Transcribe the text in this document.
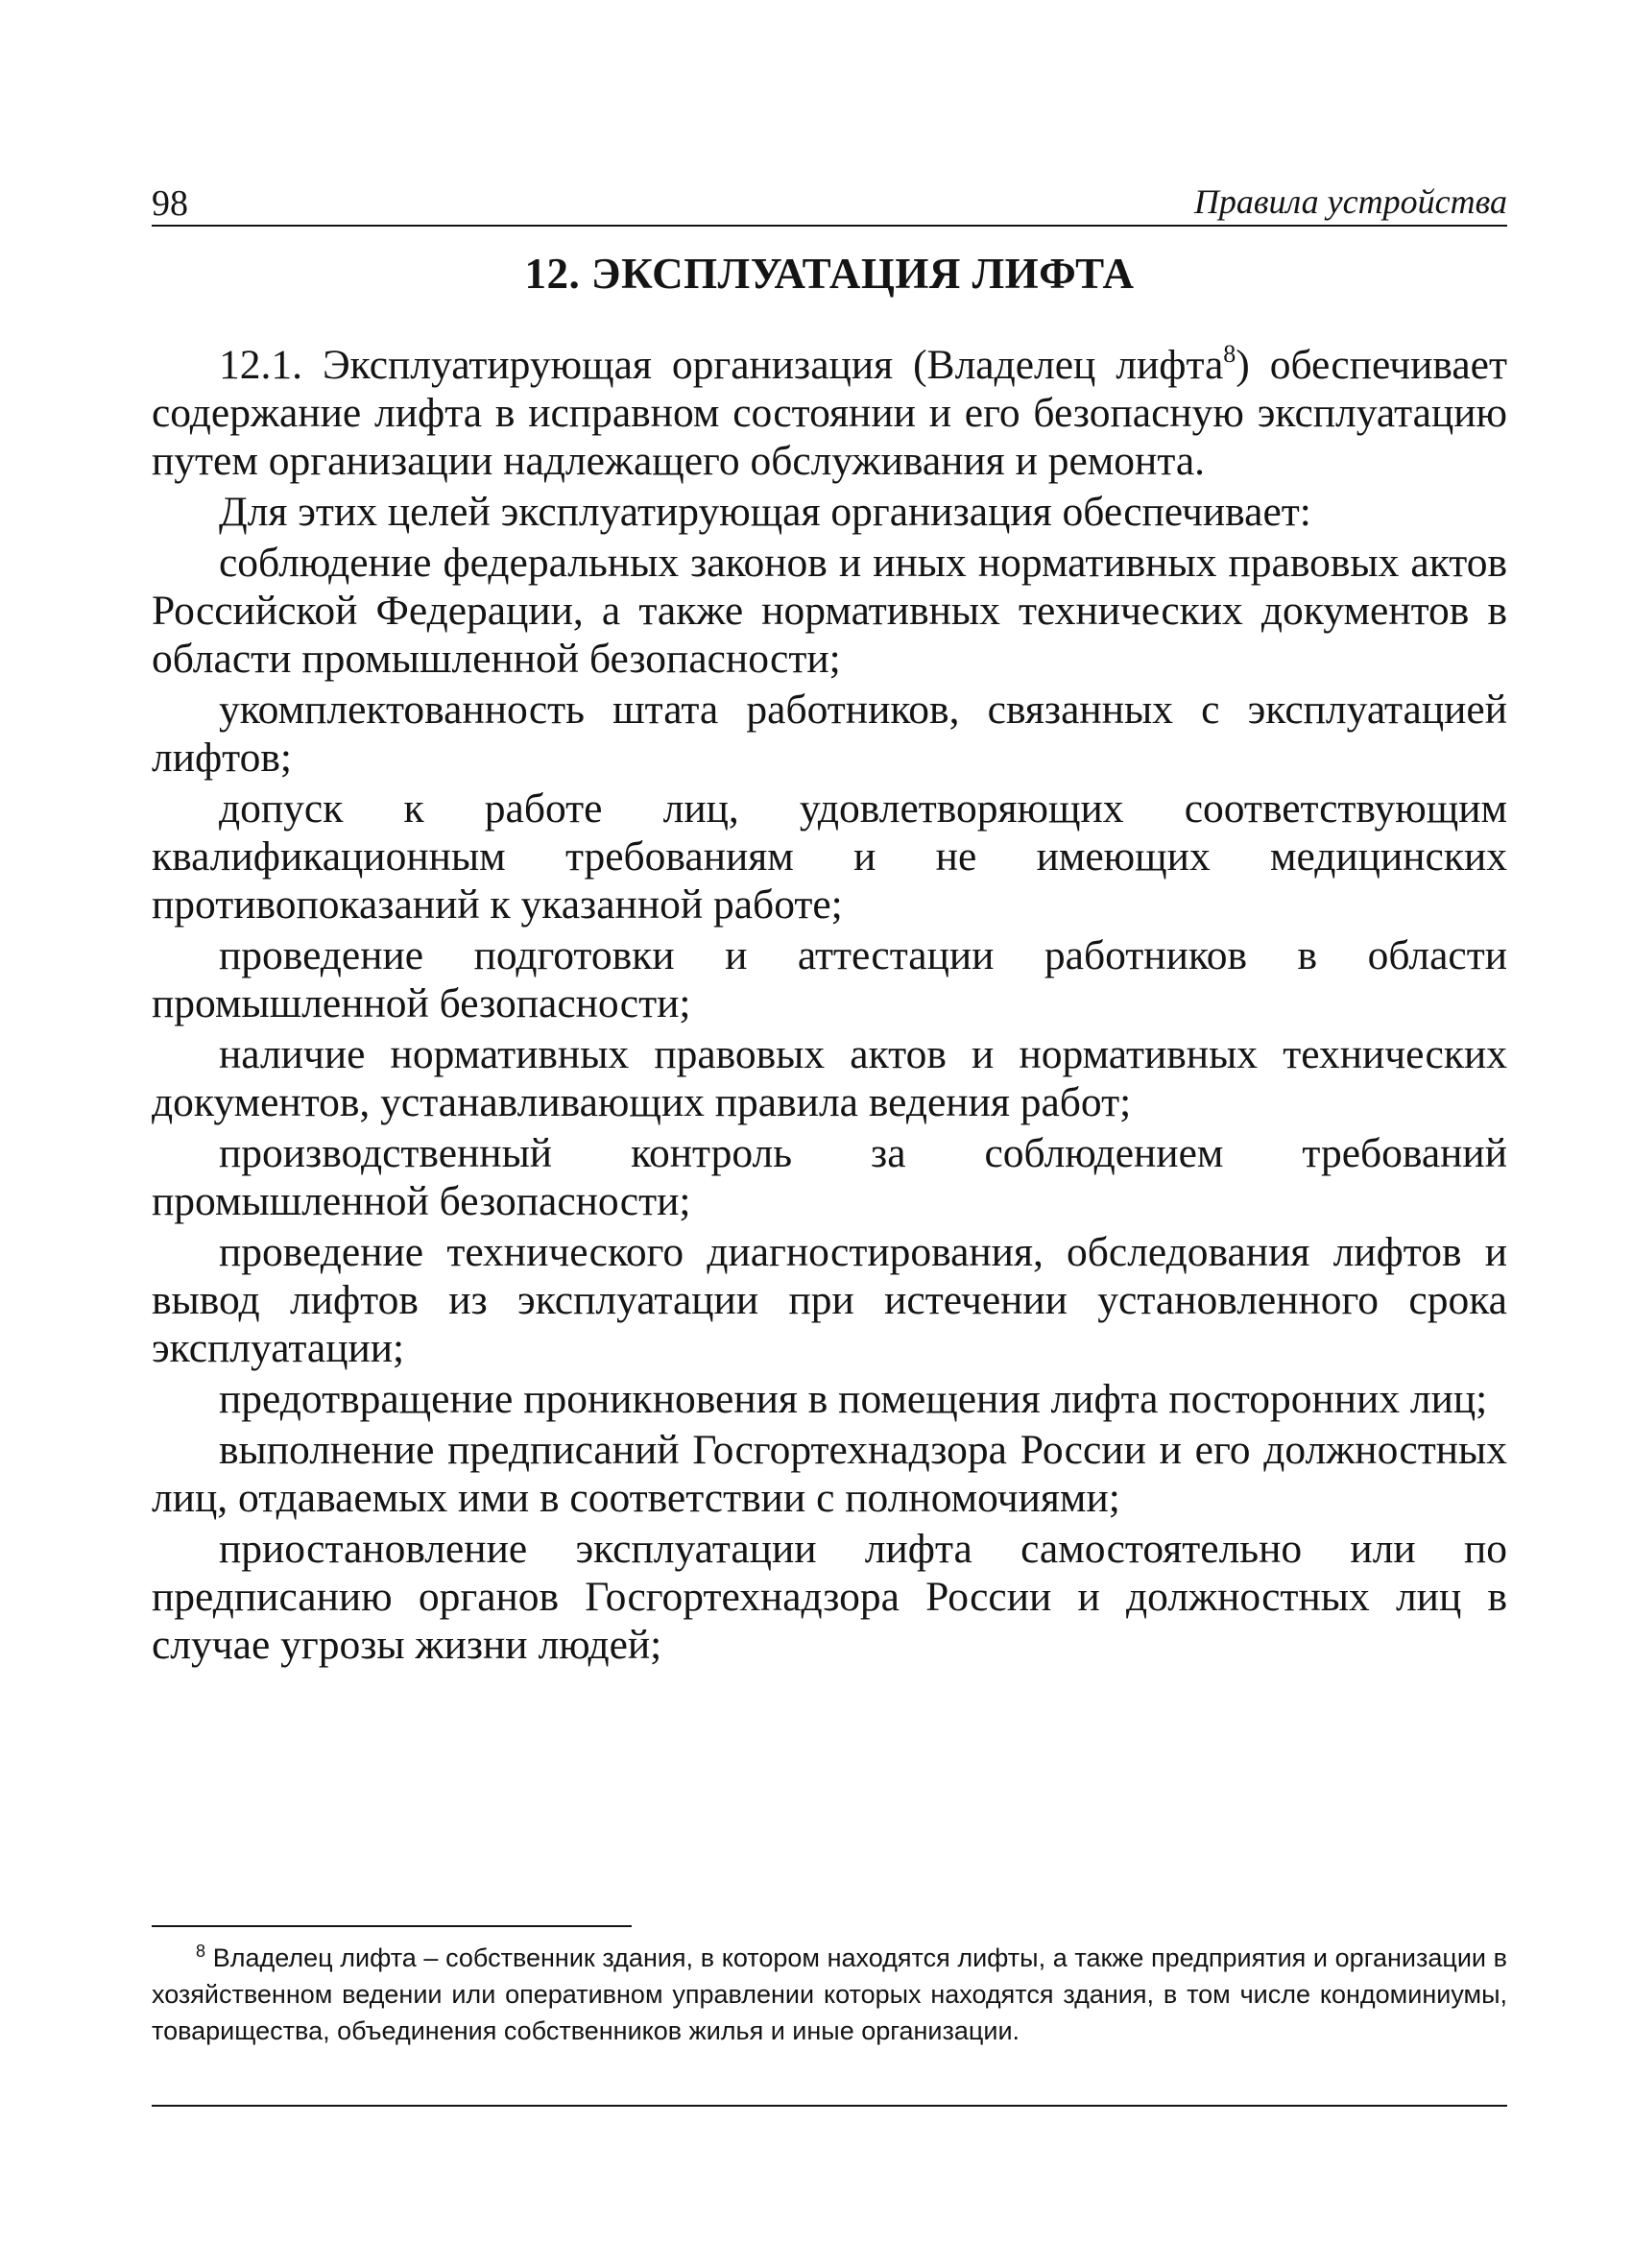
98	Правила устройства
12. ЭКСПЛУАТАЦИЯ ЛИФТА

12.1. Эксплуатирующая организация (Владелец лифта$^8$) обеспечивает содержание лифта в исправном состоянии и его безопасную эксплуатацию путем организации надлежащего обслуживания и ремонта.

Для этих целей эксплуатирующая организация обеспечивает:

соблюдение федеральных законов и иных нормативных правовых актов Российской Федерации, а также нормативных технических документов в области промышленной безопасности;

укомплектованность штата работников, связанных с эксплуатацией лифтов;

допуск к работе лиц, удовлетворяющих соответствующим квалификационным требованиям и не имеющих медицинских противопоказаний к указанной работе;

проведение подготовки и аттестации работников в области промышленной безопасности;

наличие нормативных правовых актов и нормативных технических документов, устанавливающих правила ведения работ;

производственный контроль за соблюдением требований промышленной безопасности;

проведение технического диагностирования, обследования лифтов и вывод лифтов из эксплуатации при истечении установленного срока эксплуатации;

предотвращение проникновения в помещения лифта посторонних лиц;

выполнение предписаний Госгортехнадзора России и его должностных лиц, отдаваемых ими в соответствии с полномочиями;

приостановление эксплуатации лифта самостоятельно или по предписанию органов Госгортехнадзора России и должностных лиц в случае угрозы жизни людей;

$^8$ Владелец лифта – собственник здания, в котором находятся лифты, а также предприятия и организации в хозяйственном ведении или оперативном управлении которых находятся здания, в том числе кондоминиумы, товарищества, объединения собственников жилья и иные организации.
